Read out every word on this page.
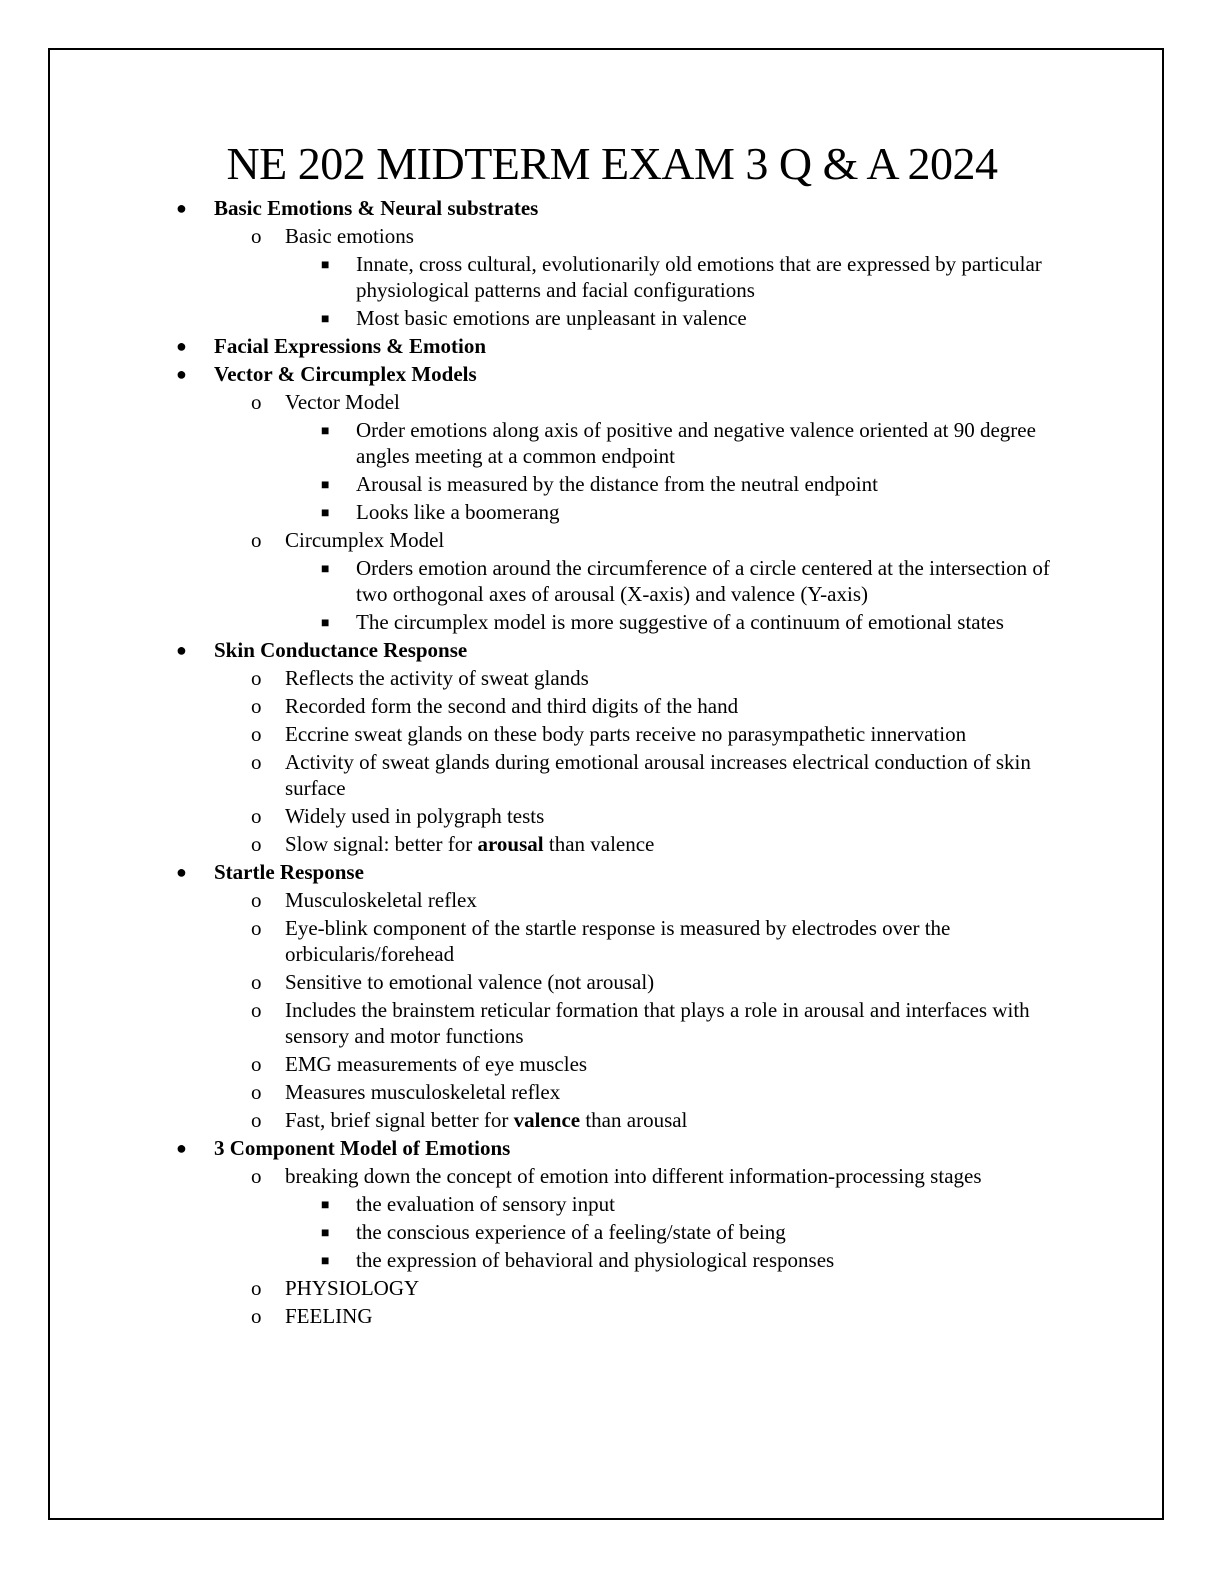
NE 202 MIDTERM EXAM 3 Q & A 2024
● Basic Emotions & Neural substrates
o Basic emotions
■ Innate, cross cultural, evolutionarily old emotions that are expressed by particular physiological patterns and facial configurations
■ Most basic emotions are unpleasant in valence
● Facial Expressions & Emotion
● Vector & Circumplex Models
o Vector Model
■ Order emotions along axis of positive and negative valence oriented at 90 degree angles meeting at a common endpoint
■ Arousal is measured by the distance from the neutral endpoint
■ Looks like a boomerang
o Circumplex Model
■ Orders emotion around the circumference of a circle centered at the intersection of two orthogonal axes of arousal (X-axis) and valence (Y-axis)
■ The circumplex model is more suggestive of a continuum of emotional states
● Skin Conductance Response
o Reflects the activity of sweat glands
o Recorded form the second and third digits of the hand
o Eccrine sweat glands on these body parts receive no parasympathetic innervation
o Activity of sweat glands during emotional arousal increases electrical conduction of skin surface
o Widely used in polygraph tests
o Slow signal: better for arousal than valence
● Startle Response
o Musculoskeletal reflex
o Eye-blink component of the startle response is measured by electrodes over the orbicularis/forehead
o Sensitive to emotional valence (not arousal)
o Includes the brainstem reticular formation that plays a role in arousal and interfaces with sensory and motor functions
o EMG measurements of eye muscles
o Measures musculoskeletal reflex
o Fast, brief signal better for valence than arousal
● 3 Component Model of Emotions
o breaking down the concept of emotion into different information-processing stages
■ the evaluation of sensory input
■ the conscious experience of a feeling/state of being
■ the expression of behavioral and physiological responses
o PHYSIOLOGY
o FEELING
